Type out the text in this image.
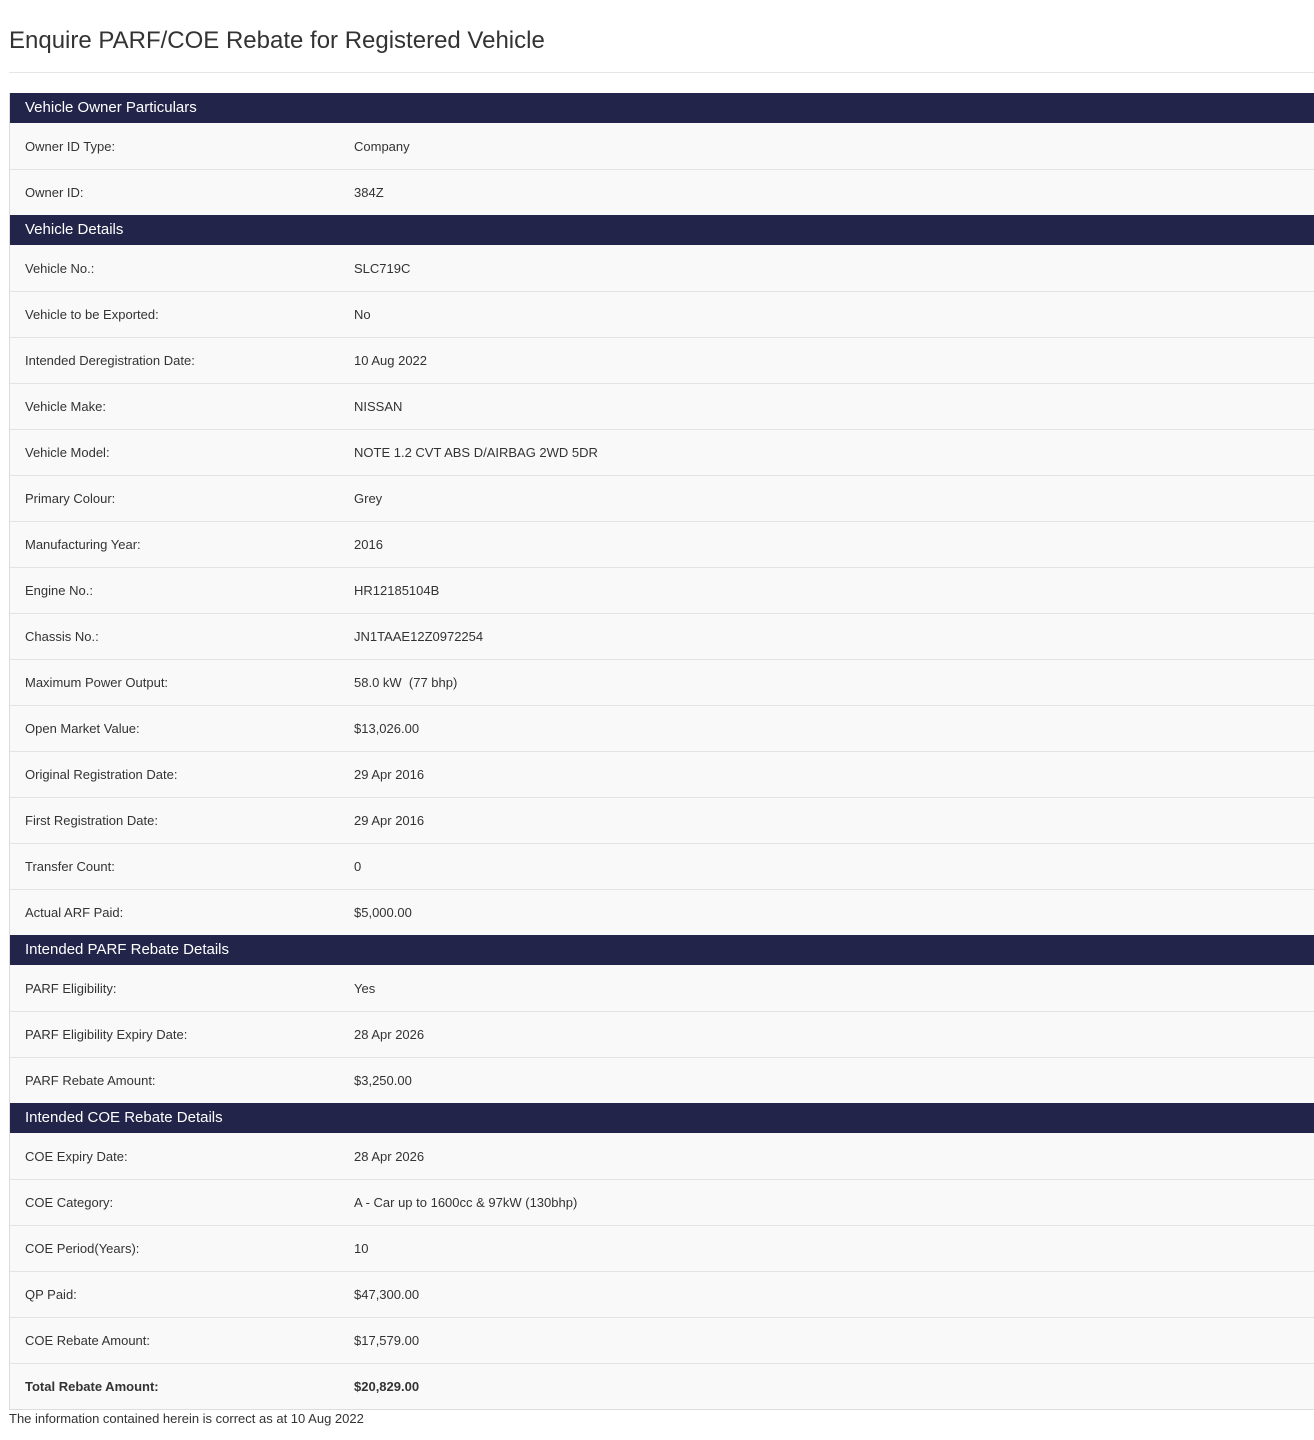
Enquire PARF/COE Rebate for Registered Vehicle
Vehicle Owner Particulars
Owner ID Type:	Company
Owner ID:	384Z
Vehicle Details
Vehicle No.:	SLC719C
Vehicle to be Exported:	No
Intended Deregistration Date:	10 Aug 2022
Vehicle Make:	NISSAN
Vehicle Model:	NOTE 1.2 CVT ABS D/AIRBAG 2WD 5DR
Primary Colour:	Grey
Manufacturing Year:	2016
Engine No.:	HR12185104B
Chassis No.:	JN1TAAE12Z0972254
Maximum Power Output:	58.0 kW  (77 bhp)
Open Market Value:	$13,026.00
Original Registration Date:	29 Apr 2016
First Registration Date:	29 Apr 2016
Transfer Count:	0
Actual ARF Paid:	$5,000.00
Intended PARF Rebate Details
PARF Eligibility:	Yes
PARF Eligibility Expiry Date:	28 Apr 2026
PARF Rebate Amount:	$3,250.00
Intended COE Rebate Details
COE Expiry Date:	28 Apr 2026
COE Category:	A - Car up to 1600cc & 97kW (130bhp)
COE Period(Years):	10
QP Paid:	$47,300.00
COE Rebate Amount:	$17,579.00
Total Rebate Amount:	$20,829.00

The information contained herein is correct as at 10 Aug 2022
